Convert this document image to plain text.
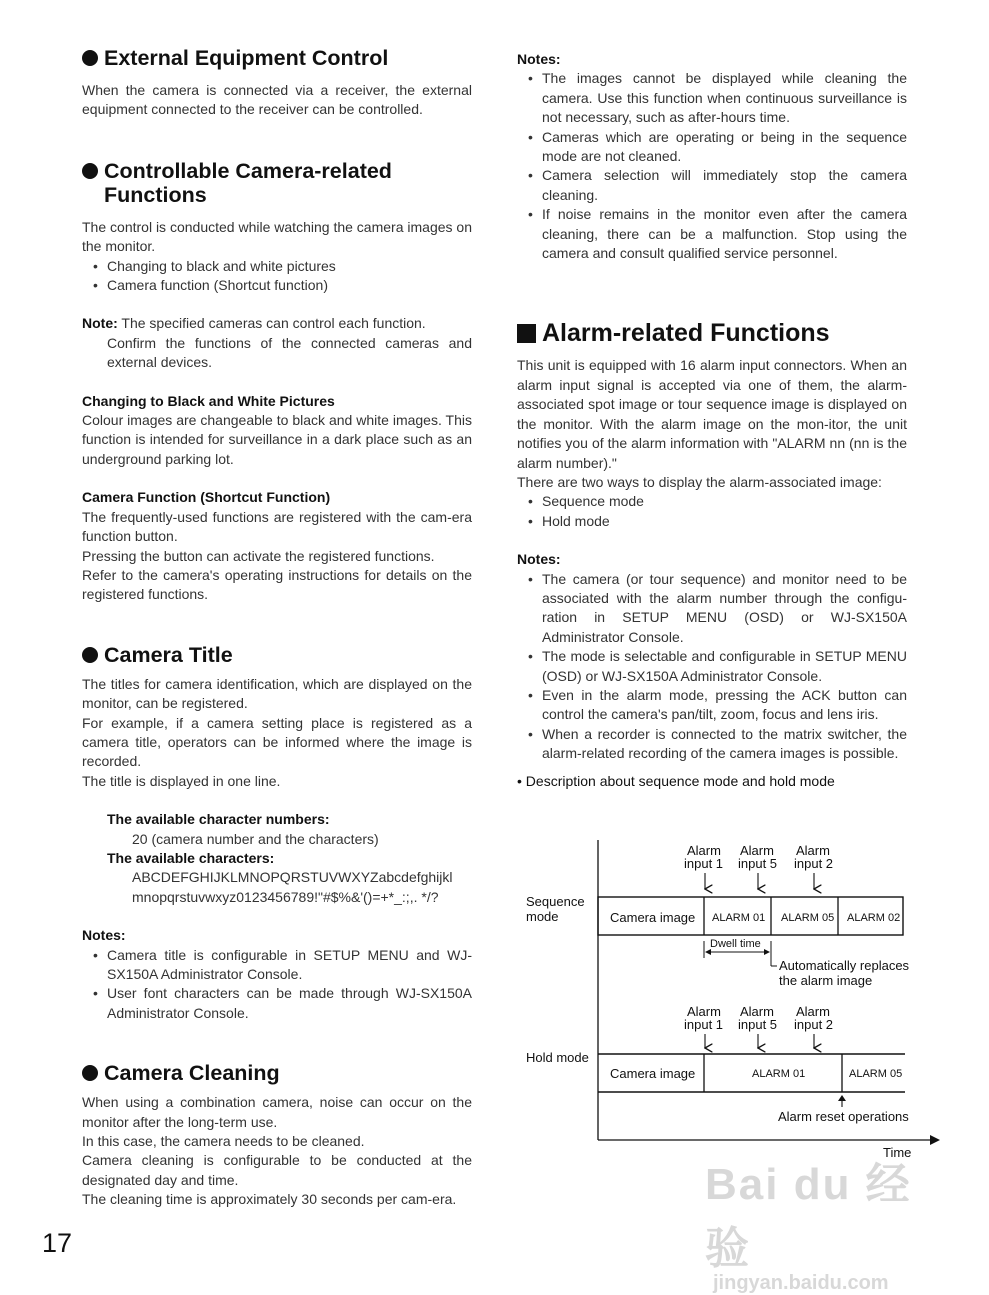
External Equipment Control

When the camera is connected via a receiver, the external equipment connected to the receiver can be controlled.

Controllable Camera-related
Functions

The control is conducted while watching the camera images on the monitor.

• Changing to black and white pictures
• Camera function (Shortcut function)

Note: The specified cameras can control each function.

Confirm the functions of the connected cameras and external devices.

Changing to Black and White Pictures

Colour images are changeable to black and white images. This function is intended for surveillance in a dark place such as an underground parking lot.

Camera Function (Shortcut Function)

The frequently-used functions are registered with the cam-era function button.

Pressing the button can activate the registered functions.

Refer to the camera's operating instructions for details on the registered functions.

Camera Title

The titles for camera identification, which are displayed on the monitor, can be registered.

For example, if a camera setting place is registered as a camera title, operators can be informed where the image is recorded.

The title is displayed in one line.

The available character numbers:

20 (camera number and the characters)

The available characters:

ABCDEFGHIJKLMNOPQRSTUVWXYZabcdefghijkl

mnopqrstuvwxyz0123456789!"#$%&'()=+*_:;,. */?

Notes:

• Camera title is configurable in SETUP MENU and WJ-SX150A Administrator Console.
• User font characters can be made through WJ-SX150A Administrator Console.
Camera Cleaning

When using a combination camera, noise can occur on the monitor after the long-term use.

In this case, the camera needs to be cleaned.

Camera cleaning is configurable to be conducted at the designated day and time.

The cleaning time is approximately 30 seconds per cam-era.

Notes:

• The images cannot be displayed while cleaning the camera. Use this function when continuous surveillance is not necessary, such as after-hours time.
• Cameras which are operating or being in the sequence mode are not cleaned.
• Camera selection will immediately stop the camera cleaning.
• If noise remains in the monitor even after the camera cleaning, there can be a malfunction. Stop using the camera and consult qualified service personnel.
Alarm-related Functions

This unit is equipped with 16 alarm input connectors. When an alarm input signal is accepted via one of them, the alarm-associated spot image or tour sequence image is displayed on the monitor. With the alarm image on the mon-itor, the unit notifies you of the alarm information with "ALARM nn (nn is the alarm number)."

There are two ways to display the alarm-associated image:

• Sequence mode
• Hold mode

Notes:

• The camera (or tour sequence) and monitor need to be associated with the alarm number through the configu-ration in SETUP MENU (OSD) or WJ-SX150A Administrator Console.
• The mode is selectable and configurable in SETUP MENU (OSD) or WJ-SX150A Administrator Console.
• Even in the alarm mode, pressing the ACK button can control the camera's pan/tilt, zoom, focus and lens iris.
• When a recorder is connected to the matrix switcher, the alarm-related recording of the camera images is possible.

• Description about sequence mode and hold mode

Time
Alarm
input 1
Alarm
input 5
Alarm
input 2
Sequence
mode	Camera image ALARM 01 ALARM 05 ALARM 02
Dwell time
Automatically replaces
the alarm image
Alarm
input 1
Alarm
input 5
Alarm
input 2
Hold mode
Camera image	ALARM 01	ALARM 05
Alarm reset operations
17
Bai du 经验
jingyan.baidu.com
